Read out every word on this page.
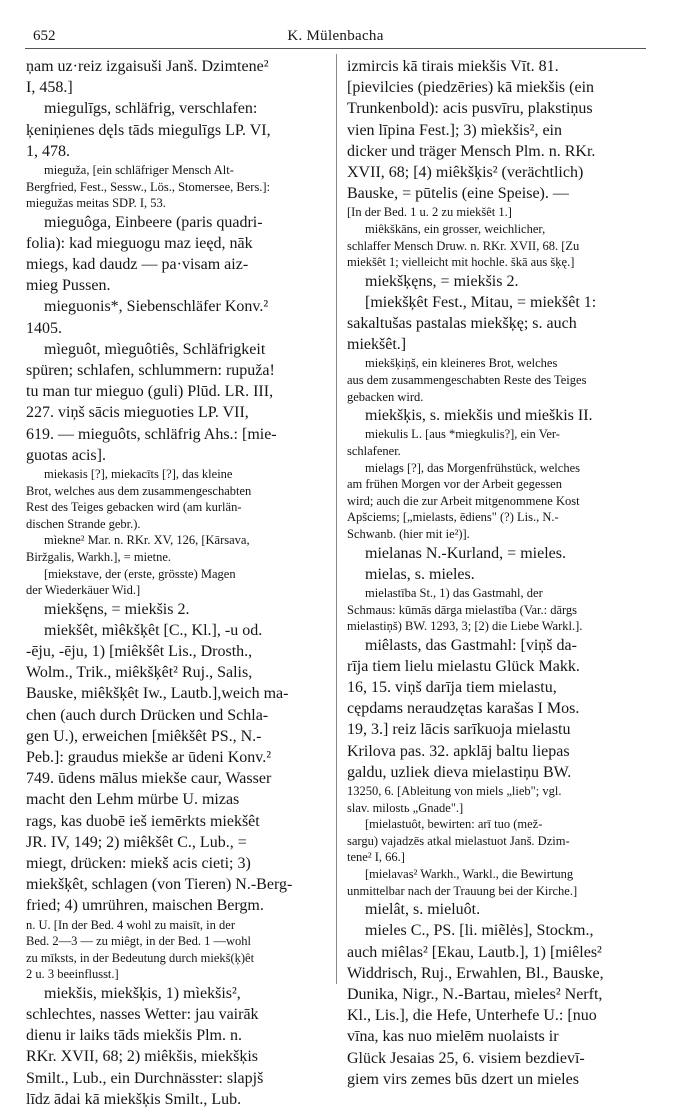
652	K. Mülenbacha
ņam uz·reiz izgaisuši Janš. Dzimtene²
I, 458.]
miegulīgs, schläfrig, verschlafen:
ķeniņienes dęls tāds miegulīgs LP. VI,
1, 478.
mieguža, [ein schläfriger Mensch Alt-
Bergfried, Fest., Sessw., Lös., Stomersee, Bers.]:
miegužas meitas SDP. I, 53.
mieguôga, Einbeere (paris quadri-
folia): kad mieguogu maz ieęd, nāk
miegs, kad daudz — pa·visam aiz-
mieg Pussen.
mieguonis*, Siebenschläfer Konv.²
1405.
mìeguôt, mìeguôtiês, Schläfrigkeit
spüren; schlafen, schlummern: rupuža!
tu man tur mieguo (guli) Plūd. LR. III,
227. viņš sācis mieguoties LP. VII,
619. — mieguôts, schläfrig Ahs.: [mie-
guotas acis].
miekasis [?], miekacīts [?], das kleine
Brot, welches aus dem zusammengeschabten
Rest des Teiges gebacken wird (am kurlän-
dischen Strande gebr.).
mìekne² Mar. n. RKr. XV, 126, [Kārsava,
Biržgalis, Warkh.], = mietne.
[miekstave, der (erste, grösste) Magen
der Wiederkäuer Wid.]
miekšęns, = miekšis 2.
miekšêt, mìêkšķêt [C., Kl.], -u od.
-ēju, -ēju, 1) [miêkšêt Lis., Drosth.,
Wolm., Trik., miêkšķêt² Ruj., Salis,
Bauske, miêkšķêt Iw., Lautb.],weich ma-
chen (auch durch Drücken und Schla-
gen U.), erweichen [miêkšêt PS., N.-
Peb.]: graudus miekše ar ūdeni Konv.²
749. ūdens mālus miekše caur, Wasser
macht den Lehm mürbe U. mizas
rags, kas duobē ieš iemērkts miekšêt
JR. IV, 149; 2) miêkšêt C., Lub., =
miegt, drücken: miekš acis cieti; 3)
miekšķêt, schlagen (von Tieren) N.-Berg-
fried; 4) umrühren, maischen Bergm.
n. U. [In der Bed. 4 wohl zu maisīt, in der
Bed. 2—3 — zu miêgt, in der Bed. 1 —wohl
zu mīksts, in der Bedeutung durch miekš(ķ)êt
2 u. 3 beeinflusst.]
miekšis, miekšķis, 1) mìekšis²,
schlechtes, nasses Wetter: jau vairāk
dienu ir laiks tāds miekšis Plm. n.
RKr. XVII, 68; 2) miêkšis, miekšķis
Smilt., Lub., ein Durchnässter: slapjš
līdz ādai kā miekšķis Smilt., Lub.
izmircis kā tirais miekšis Vīt. 81.
[pievilcies (piedzēries) kā miekšis (ein
Trunkenbold): acis pusvīru, plakstiņus
vien līpina Fest.]; 3) mìekšis², ein
dicker und träger Mensch Plm. n. RKr.
XVII, 68; [4) miêkšķis² (verächtlich)
Bauske, = pūtelis (eine Speise). —
[In der Bed. 1 u. 2 zu miekšêt 1.]
miêkškāns, ein grosser, weichlicher,
schlaffer Mensch Druw. n. RKr. XVII, 68. [Zu
miekšêt 1; vielleicht mit hochle. škā aus šķę.]
miekšķęns, = miekšis 2.
[miekšķêt Fest., Mitau, = miekšêt 1:
sakaltušas pastalas miekšķę; s. auch
miekšêt.]
miekšķiņš, ein kleineres Brot, welches
aus dem zusammengeschabten Reste des Teiges
gebacken wird.
miekšķis, s. miekšis und mieškis II.
miekulis L. [aus *miegkulis?], ein Ver-
schlafener.
mielags [?], das Morgenfrühstück, welches
am frühen Morgen vor der Arbeit gegessen
wird; auch die zur Arbeit mitgenommene Kost
Apšciems; [„mielasts, ēdiens" (?) Lis., N.-
Schwanb. (hier mit ie²)].
mielanas N.-Kurland, = mieles.
mielas, s. mieles.
mielastība St., 1) das Gastmahl, der
Schmaus: kūmās dārga mielastība (Var.: dārgs
mielastiņš) BW. 1293, 3; [2) die Liebe Warkl.].
miêlasts, das Gastmahl: [viņš da-
rīja tiem lielu mielastu Glück Makk.
16, 15. viņš darīja tiem mielastu,
cępdams neraudzętas karašas I Mos.
19, 3.] reiz lācis sarīkuoja mielastu
Krilova pas. 32. apklāj baltu liepas
galdu, uzliek dieva mielastiņu BW.
13250, 6. [Ableitung von miels „lieb"; vgl.
slav. milostь „Gnade".]
[mielastuôt, bewirten: arī tuo (mež-
sargu) vajadzēs atkal mielastuot Janš. Dzim-
tene² I, 66.]
[mielavas² Warkh., Warkl., die Bewirtung
unmittelbar nach der Trauung bei der Kirche.]
mielât, s. mieluôt.
mieles C., PS. [li. miẽlės], Stockm.,
auch miêlas² [Ekau, Lautb.], 1) [miêles²
Widdrisch, Ruj., Erwahlen, Bl., Bauske,
Dunika, Nigr., N.-Bartau, mìeles² Nerft,
Kl., Lis.], die Hefe, Unterhefe U.: [nuo
vīna, kas nuo mielēm nuolaists ir
Glück Jesaias 25, 6. visiem bezdievī-
giem virs zemes būs dzert un mieles
